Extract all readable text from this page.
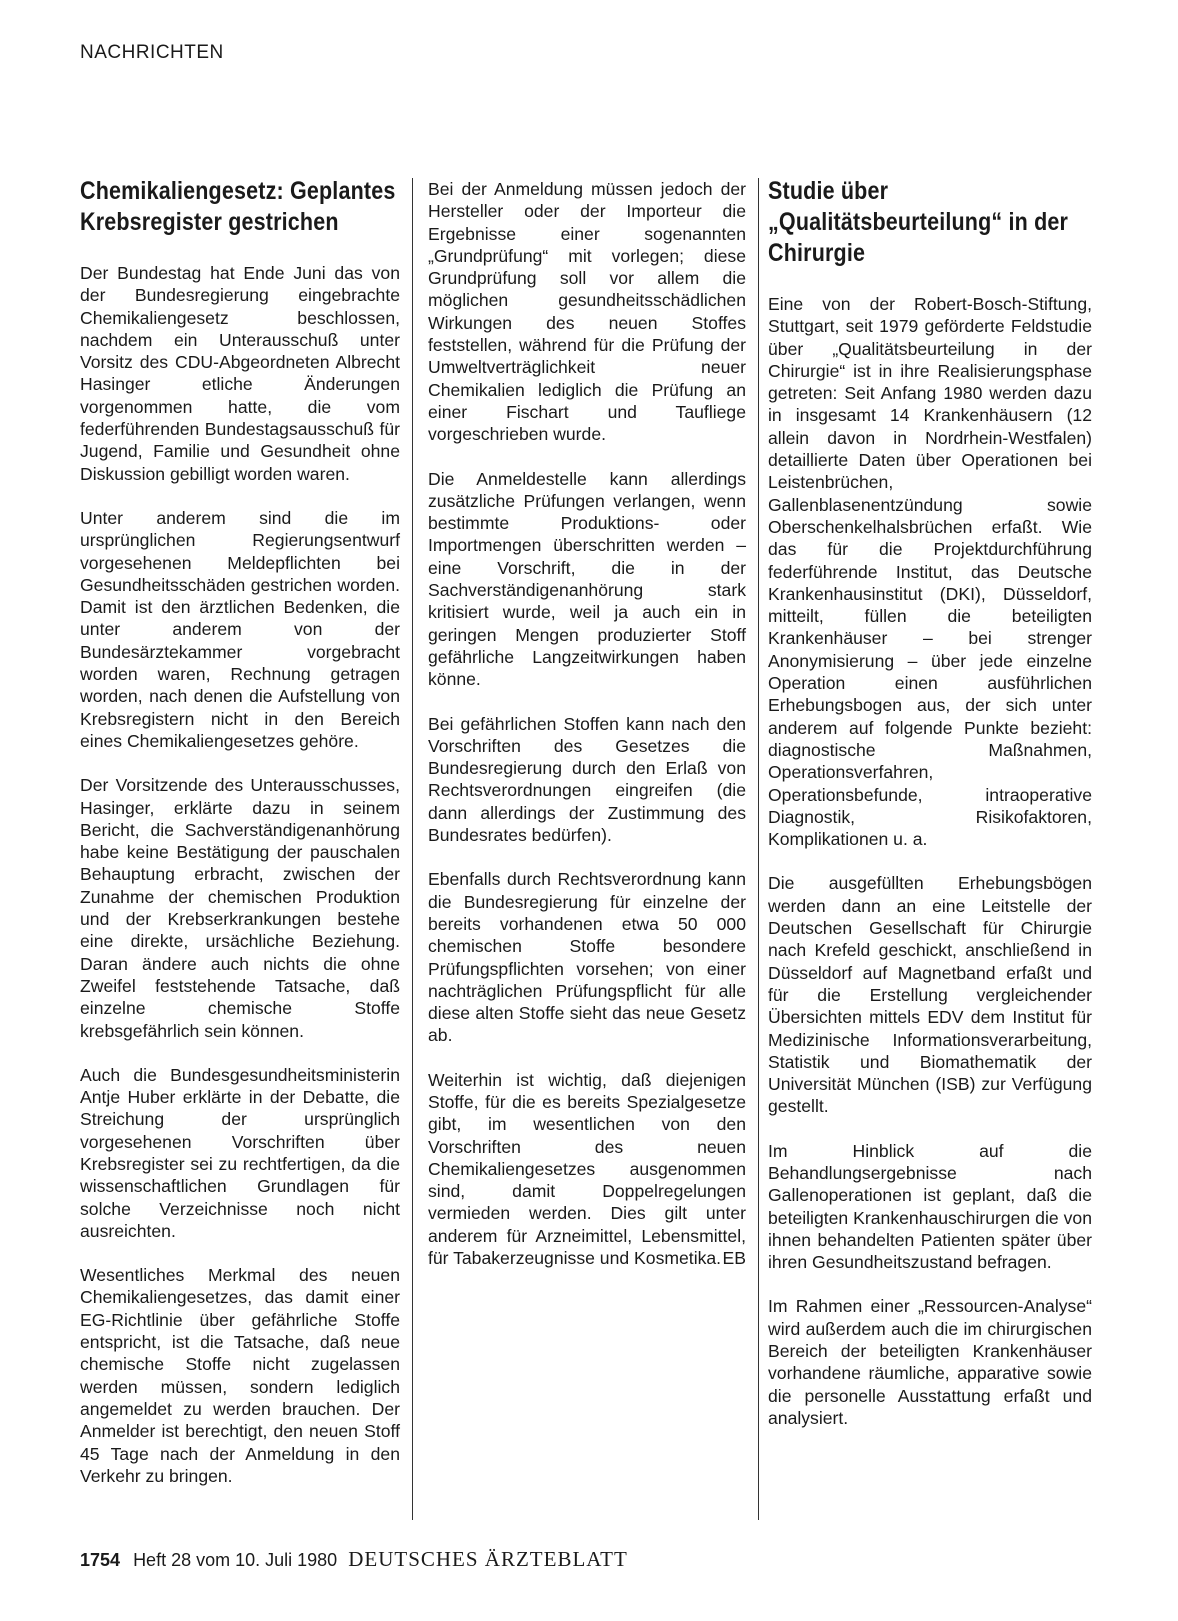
NACHRICHTEN
Chemikaliengesetz: Geplantes Krebsregister gestrichen

Der Bundestag hat Ende Juni das von der Bundesregierung eingebrachte Chemikaliengesetz beschlossen, nachdem ein Unterausschuß unter Vorsitz des CDU-Abgeordneten Albrecht Hasinger etliche Änderungen vorgenommen hatte, die vom federführenden Bundestagsausschuß für Jugend, Familie und Gesundheit ohne Diskussion gebilligt worden waren.

Unter anderem sind die im ursprünglichen Regierungsentwurf vorgesehenen Meldepflichten bei Gesundheitsschäden gestrichen worden. Damit ist den ärztlichen Bedenken, die unter anderem von der Bundesärztekammer vorgebracht worden waren, Rechnung getragen worden, nach denen die Aufstellung von Krebsregistern nicht in den Bereich eines Chemikaliengesetzes gehöre.

Der Vorsitzende des Unterausschusses, Hasinger, erklärte dazu in seinem Bericht, die Sachverständigenanhörung habe keine Bestätigung der pauschalen Behauptung erbracht, zwischen der Zunahme der chemischen Produktion und der Krebserkrankungen bestehe eine direkte, ursächliche Beziehung. Daran ändere auch nichts die ohne Zweifel feststehende Tatsache, daß einzelne chemische Stoffe krebsgefährlich sein können.

Auch die Bundesgesundheitsministerin Antje Huber erklärte in der Debatte, die Streichung der ursprünglich vorgesehenen Vorschriften über Krebsregister sei zu rechtfertigen, da die wissenschaftlichen Grundlagen für solche Verzeichnisse noch nicht ausreichten.

Wesentliches Merkmal des neuen Chemikaliengesetzes, das damit einer EG-Richtlinie über gefährliche Stoffe entspricht, ist die Tatsache, daß neue chemische Stoffe nicht zugelassen werden müssen, sondern lediglich angemeldet zu werden brauchen. Der Anmelder ist berechtigt, den neuen Stoff 45 Tage nach der Anmeldung in den Verkehr zu bringen.

Bei der Anmeldung müssen jedoch der Hersteller oder der Importeur die Ergebnisse einer sogenannten „Grundprüfung“ mit vorlegen; diese Grundprüfung soll vor allem die möglichen gesundheitsschädlichen Wirkungen des neuen Stoffes feststellen, während für die Prüfung der Umweltverträglichkeit neuer Chemikalien lediglich die Prüfung an einer Fischart und Taufliege vorgeschrieben wurde.

Die Anmeldestelle kann allerdings zusätzliche Prüfungen verlangen, wenn bestimmte Produktions- oder Importmengen überschritten werden – eine Vorschrift, die in der Sachverständigenanhörung stark kritisiert wurde, weil ja auch ein in geringen Mengen produzierter Stoff gefährliche Langzeitwirkungen haben könne.

Bei gefährlichen Stoffen kann nach den Vorschriften des Gesetzes die Bundesregierung durch den Erlaß von Rechtsverordnungen eingreifen (die dann allerdings der Zustimmung des Bundesrates bedürfen).

Ebenfalls durch Rechtsverordnung kann die Bundesregierung für einzelne der bereits vorhandenen etwa 50 000 chemischen Stoffe besondere Prüfungspflichten vorsehen; von einer nachträglichen Prüfungspflicht für alle diese alten Stoffe sieht das neue Gesetz ab.

Weiterhin ist wichtig, daß diejenigen Stoffe, für die es bereits Spezialgesetze gibt, im wesentlichen von den Vorschriften des neuen Chemikaliengesetzes ausgenommen sind, damit Doppelregelungen vermieden werden. Dies gilt unter anderem für Arzneimittel, Lebensmittel, für Tabakerzeugnisse und Kosmetika. EB

Studie über „Qualitätsbeurteilung“ in der Chirurgie

Eine von der Robert-Bosch-Stiftung, Stuttgart, seit 1979 geförderte Feldstudie über „Qualitätsbeurteilung in der Chirurgie“ ist in ihre Realisierungsphase getreten: Seit Anfang 1980 werden dazu in insgesamt 14 Krankenhäusern (12 allein davon in Nordrhein-Westfalen) detaillierte Daten über Operationen bei Leistenbrüchen, Gallenblasenentzündung sowie Oberschenkelhalsbrüchen erfaßt. Wie das für die Projektdurchführung federführende Institut, das Deutsche Krankenhausinstitut (DKI), Düsseldorf, mitteilt, füllen die beteiligten Krankenhäuser – bei strenger Anonymisierung – über jede einzelne Operation einen ausführlichen Erhebungsbogen aus, der sich unter anderem auf folgende Punkte bezieht: diagnostische Maßnahmen, Operationsverfahren, Operationsbefunde, intraoperative Diagnostik, Risikofaktoren, Komplikationen u. a.

Die ausgefüllten Erhebungsbögen werden dann an eine Leitstelle der Deutschen Gesellschaft für Chirurgie nach Krefeld geschickt, anschließend in Düsseldorf auf Magnetband erfaßt und für die Erstellung vergleichender Übersichten mittels EDV dem Institut für Medizinische Informationsverarbeitung, Statistik und Biomathematik der Universität München (ISB) zur Verfügung gestellt.

Im Hinblick auf die Behandlungsergebnisse nach Gallenoperationen ist geplant, daß die beteiligten Krankenhauschirurgen die von ihnen behandelten Patienten später über ihren Gesundheitszustand befragen.

Im Rahmen einer „Ressourcen-Analyse“ wird außerdem auch die im chirurgischen Bereich der beteiligten Krankenhäuser vorhandene räumliche, apparative sowie die personelle Ausstattung erfaßt und analysiert.

1754 Heft 28 vom 10. Juli 1980 DEUTSCHES ÄRZTEBLATT
